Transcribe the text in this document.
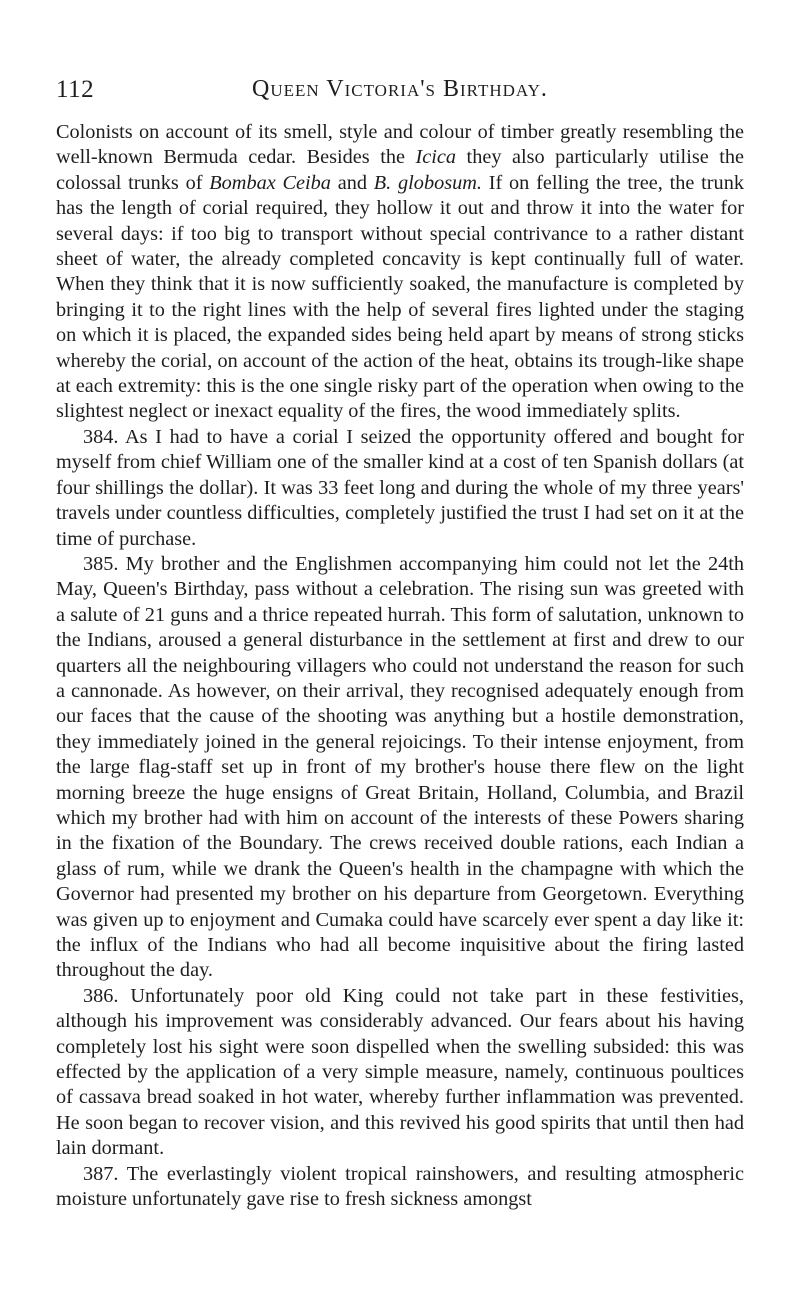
112	Queen Victoria's Birthday.

Colonists on account of its smell, style and colour of timber greatly resembling the well-known Bermuda cedar. Besides the Icica they also particularly utilise the colossal trunks of Bombax Ceiba and B. globosum. If on felling the tree, the trunk has the length of corial required, they hollow it out and throw it into the water for several days: if too big to transport without special contrivance to a rather distant sheet of water, the already completed concavity is kept continually full of water. When they think that it is now sufficiently soaked, the manufacture is completed by bringing it to the right lines with the help of several fires lighted under the staging on which it is placed, the expanded sides being held apart by means of strong sticks whereby the corial, on account of the action of the heat, obtains its trough-like shape at each extremity: this is the one single risky part of the operation when owing to the slightest neglect or inexact equality of the fires, the wood immediately splits.

384. As I had to have a corial I seized the opportunity offered and bought for myself from chief William one of the smaller kind at a cost of ten Spanish dollars (at four shillings the dollar). It was 33 feet long and during the whole of my three years' travels under countless difficulties, completely justified the trust I had set on it at the time of purchase.

385. My brother and the Englishmen accompanying him could not let the 24th May, Queen's Birthday, pass without a celebration. The rising sun was greeted with a salute of 21 guns and a thrice repeated hurrah. This form of salutation, unknown to the Indians, aroused a general disturbance in the settlement at first and drew to our quarters all the neighbouring villagers who could not understand the reason for such a cannonade. As however, on their arrival, they recognised adequately enough from our faces that the cause of the shooting was anything but a hostile demonstration, they immediately joined in the general rejoicings. To their intense enjoyment, from the large flag-staff set up in front of my brother's house there flew on the light morning breeze the huge ensigns of Great Britain, Holland, Columbia, and Brazil which my brother had with him on account of the interests of these Powers sharing in the fixation of the Boundary. The crews received double rations, each Indian a glass of rum, while we drank the Queen's health in the champagne with which the Governor had presented my brother on his departure from Georgetown. Everything was given up to enjoyment and Cumaka could have scarcely ever spent a day like it: the influx of the Indians who had all become inquisitive about the firing lasted throughout the day.

386. Unfortunately poor old King could not take part in these festivities, although his improvement was considerably advanced. Our fears about his having completely lost his sight were soon dispelled when the swelling subsided: this was effected by the application of a very simple measure, namely, continuous poultices of cassava bread soaked in hot water, whereby further inflammation was prevented. He soon began to recover vision, and this revived his good spirits that until then had lain dormant.

387. The everlastingly violent tropical rainshowers, and resulting atmospheric moisture unfortunately gave rise to fresh sickness amongst
